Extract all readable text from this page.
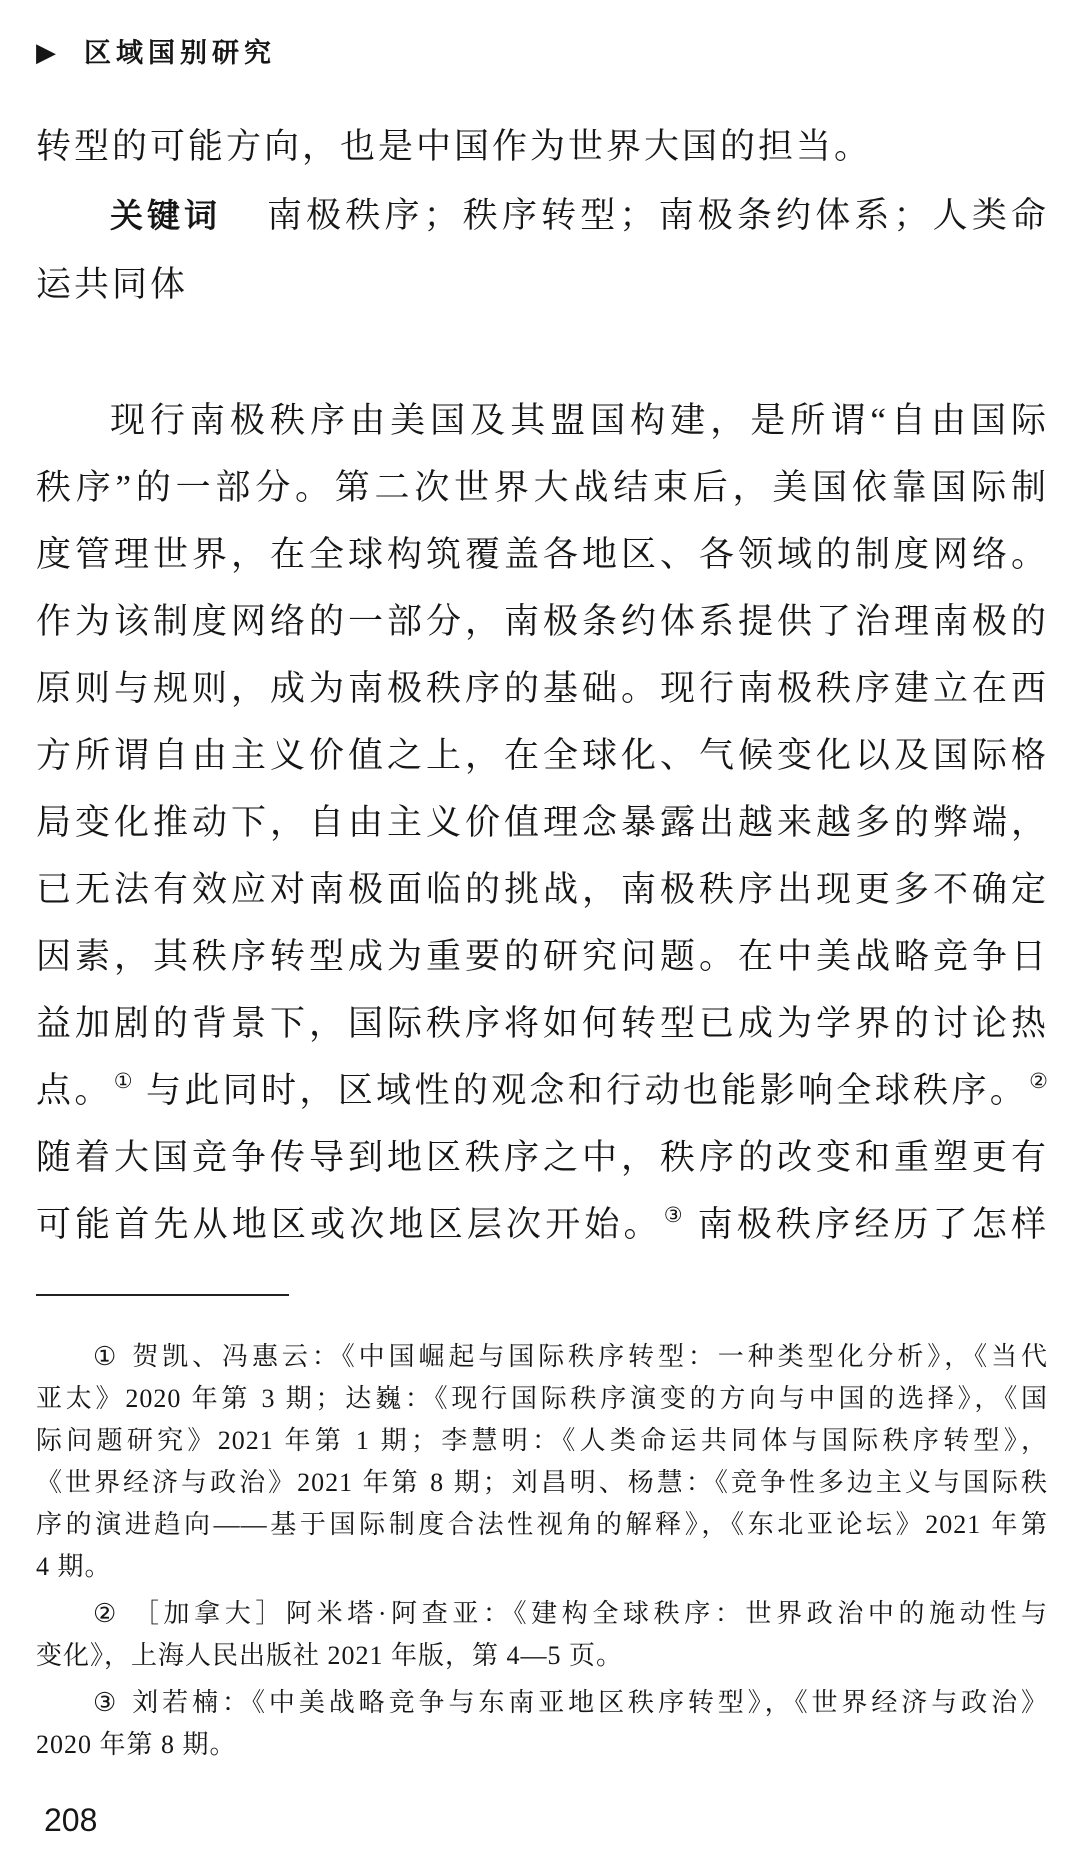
▶ 区域国别研究
转型的可能方向，也是中国作为世界大国的担当。
关键词 南极秩序；秩序转型；南极条约体系；人类命
运共同体
现行南极秩序由美国及其盟国构建，是所谓“自由国际
秩序”的一部分。第二次世界大战结束后，美国依靠国际制
度管理世界，在全球构筑覆盖各地区、各领域的制度网络。
作为该制度网络的一部分，南极条约体系提供了治理南极的
原则与规则，成为南极秩序的基础。现行南极秩序建立在西
方所谓自由主义价值之上，在全球化、气候变化以及国际格
局变化推动下，自由主义价值理念暴露出越来越多的弊端，
已无法有效应对南极面临的挑战，南极秩序出现更多不确定
因素，其秩序转型成为重要的研究问题。在中美战略竞争日
益加剧的背景下，国际秩序将如何转型已成为学界的讨论热
点。① 与此同时，区域性的观念和行动也能影响全球秩序。②
随着大国竞争传导到地区秩序之中，秩序的改变和重塑更有
可能首先从地区或次地区层次开始。③ 南极秩序经历了怎样
① 贺凯、冯惠云：《中国崛起与国际秩序转型：一种类型化分析》，《当代
亚太》2020 年第 3 期；达巍：《现行国际秩序演变的方向与中国的选择》，《国
际问题研究》2021 年第 1 期；李慧明：《人类命运共同体与国际秩序转型》，
《世界经济与政治》2021 年第 8 期；刘昌明、杨慧：《竞争性多边主义与国际秩
序的演进趋向——基于国际制度合法性视角的解释》，《东北亚论坛》2021 年第
4 期。
② ［加拿大］阿米塔·阿查亚：《建构全球秩序：世界政治中的施动性与
变化》，上海人民出版社 2021 年版，第 4—5 页。
③ 刘若楠：《中美战略竞争与东南亚地区秩序转型》，《世界经济与政治》
2020 年第 8 期。
208
